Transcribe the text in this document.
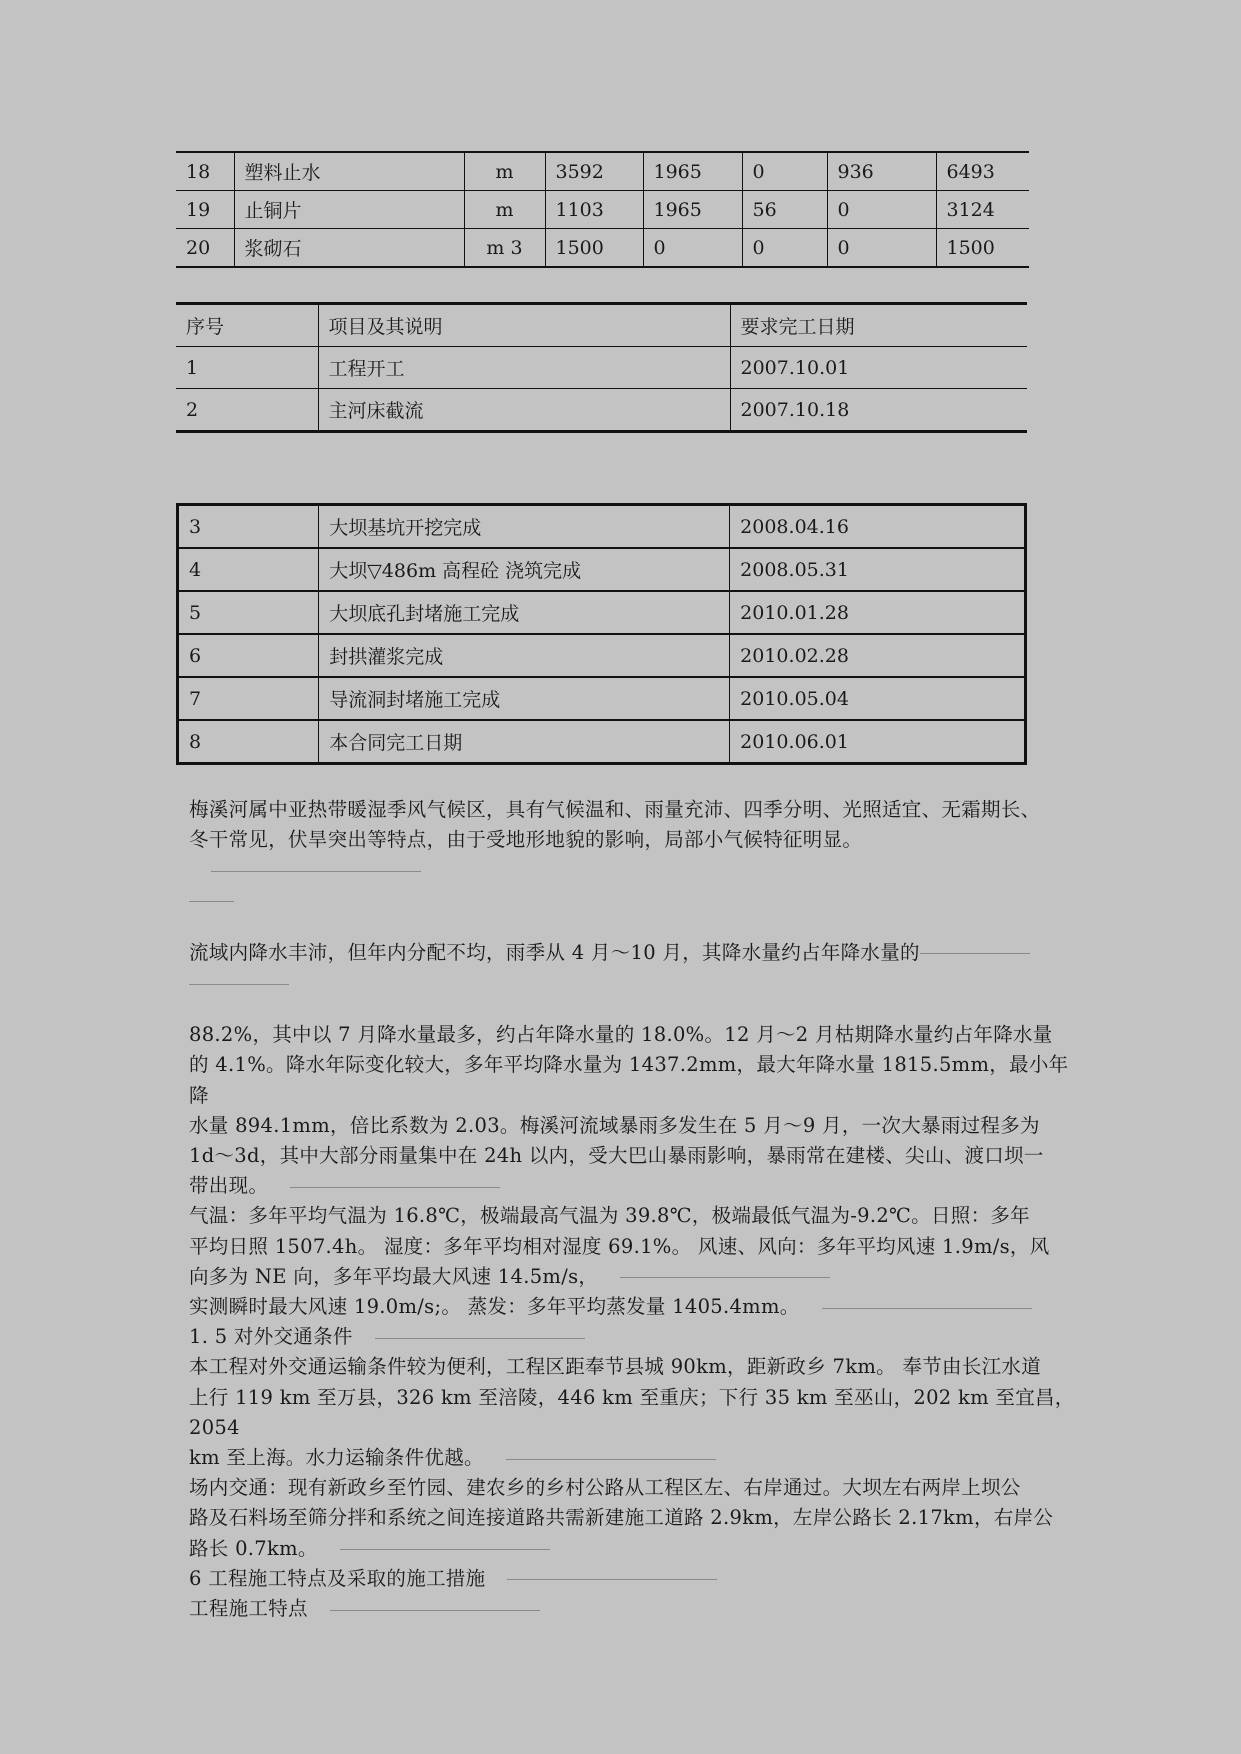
18	塑料止水	m	3592	1965	0	936	6493
19	止铜片	m	1103	1965	56	0	3124
20	浆砌石	m 3	1500	0	0	0	1500
序号	项目及其说明	要求完工日期
1	工程开工	2007.10.01
2	主河床截流	2007.10.18
3	大坝基坑开挖完成	2008.04.16
4	大坝▽486m 高程砼 浇筑完成	2008.05.31
5	大坝底孔封堵施工完成	2010.01.28
6	封拱灌浆完成	2010.02.28
7	导流洞封堵施工完成	2010.05.04
8	本合同完工日期	2010.06.01

梅溪河属中亚热带暖湿季风气候区，具有气候温和、雨量充沛、四季分明、光照适宜、无霜期长、

冬干常见，伏旱突出等特点，由于受地形地貌的影响，局部小气候特征明显。

流域内降水丰沛，但年内分配不均，雨季从 4 月～10 月，其降水量约占年降水量的

88.2%，其中以 7 月降水量最多，约占年降水量的 18.0%。12 月～2 月枯期降水量约占年降水量

的 4.1%。降水年际变化较大，多年平均降水量为 1437.2mm，最大年降水量 1815.5mm，最小年降

水量 894.1mm，倍比系数为 2.03。梅溪河流域暴雨多发生在 5 月～9 月，一次大暴雨过程多为

1d～3d，其中大部分雨量集中在 24h 以内，受大巴山暴雨影响，暴雨常在建楼、尖山、渡口坝一

带出现。

气温：多年平均气温为 16.8℃，极端最高气温为 39.8℃，极端最低气温为-9.2℃。日照：多年

平均日照 1507.4h。 湿度：多年平均相对湿度 69.1%。 风速、风向：多年平均风速 1.9m/s，风

向多为 NE 向，多年平均最大风速 14.5m/s，

实测瞬时最大风速 19.0m/s;。 蒸发：多年平均蒸发量 1405.4mm。

1. 5 对外交通条件

本工程对外交通运输条件较为便利，工程区距奉节县城 90km，距新政乡 7km。 奉节由长江水道

上行 119 km 至万县，326 km 至涪陵，446 km 至重庆；下行 35 km 至巫山，202 km 至宜昌，2054

km 至上海。水力运输条件优越。

场内交通：现有新政乡至竹园、建农乡的乡村公路从工程区左、右岸通过。大坝左右两岸上坝公

路及石料场至筛分拌和系统之间连接道路共需新建施工道路 2.9km，左岸公路长 2.17km，右岸公

路长 0.7km。

6 工程施工特点及采取的施工措施

工程施工特点
